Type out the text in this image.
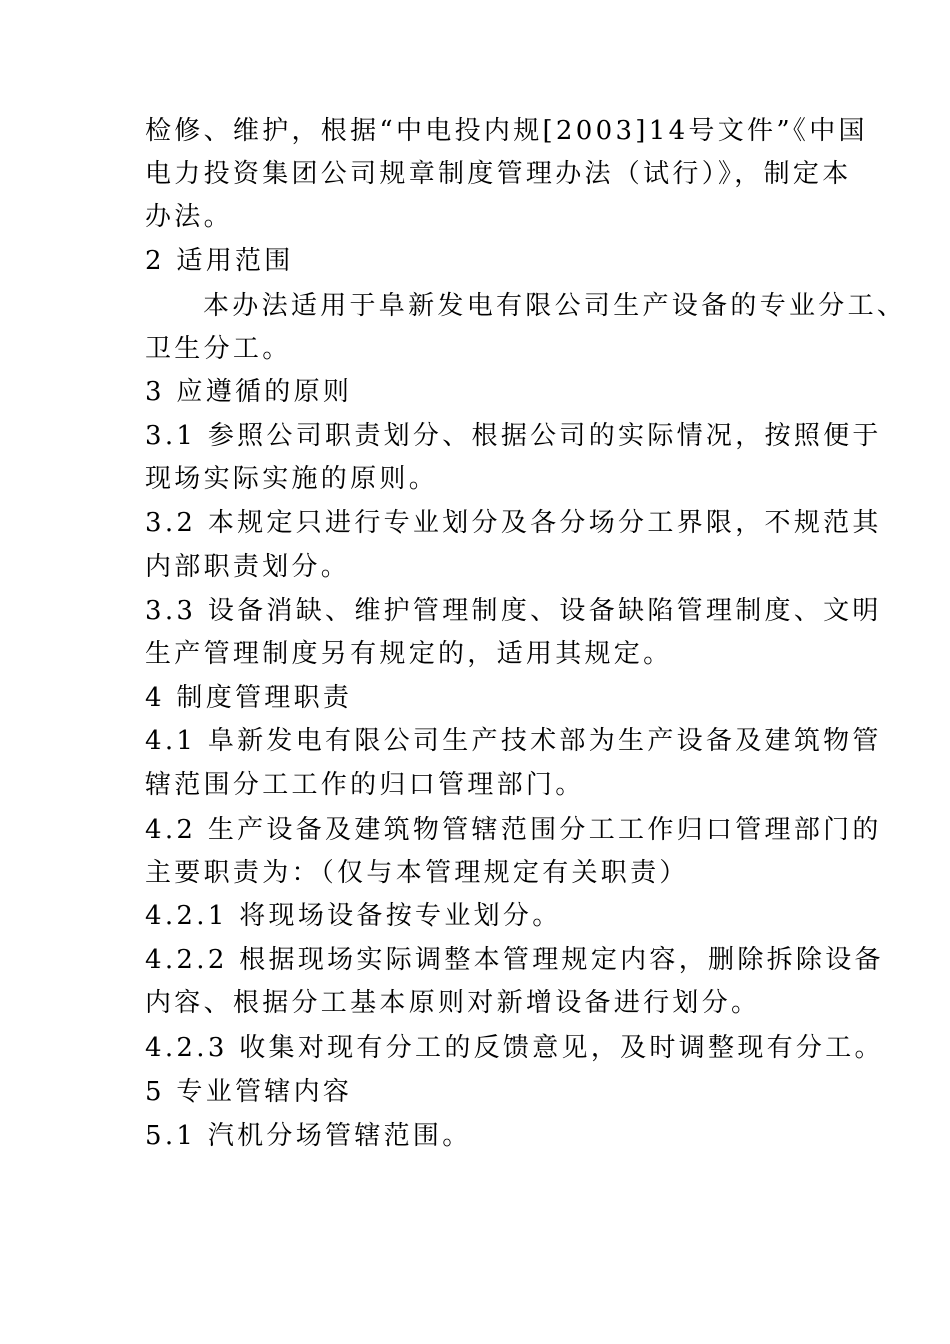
检修、维护，根据“中电投内规[2003]14号文件”《中国
电力投资集团公司规章制度管理办法（试行）》，制定本
办法。
2 适用范围
本办法适用于阜新发电有限公司生产设备的专业分工、
卫生分工。
3 应遵循的原则
3.1 参照公司职责划分、根据公司的实际情况，按照便于
现场实际实施的原则。
3.2 本规定只进行专业划分及各分场分工界限，不规范其
内部职责划分。
3.3 设备消缺、维护管理制度、设备缺陷管理制度、文明
生产管理制度另有规定的，适用其规定。
4 制度管理职责
4.1 阜新发电有限公司生产技术部为生产设备及建筑物管
辖范围分工工作的归口管理部门。
4.2 生产设备及建筑物管辖范围分工工作归口管理部门的
主要职责为：（仅与本管理规定有关职责）
4.2.1 将现场设备按专业划分。
4.2.2 根据现场实际调整本管理规定内容，删除拆除设备
内容、根据分工基本原则对新增设备进行划分。
4.2.3 收集对现有分工的反馈意见，及时调整现有分工。
5 专业管辖内容
5.1 汽机分场管辖范围。
